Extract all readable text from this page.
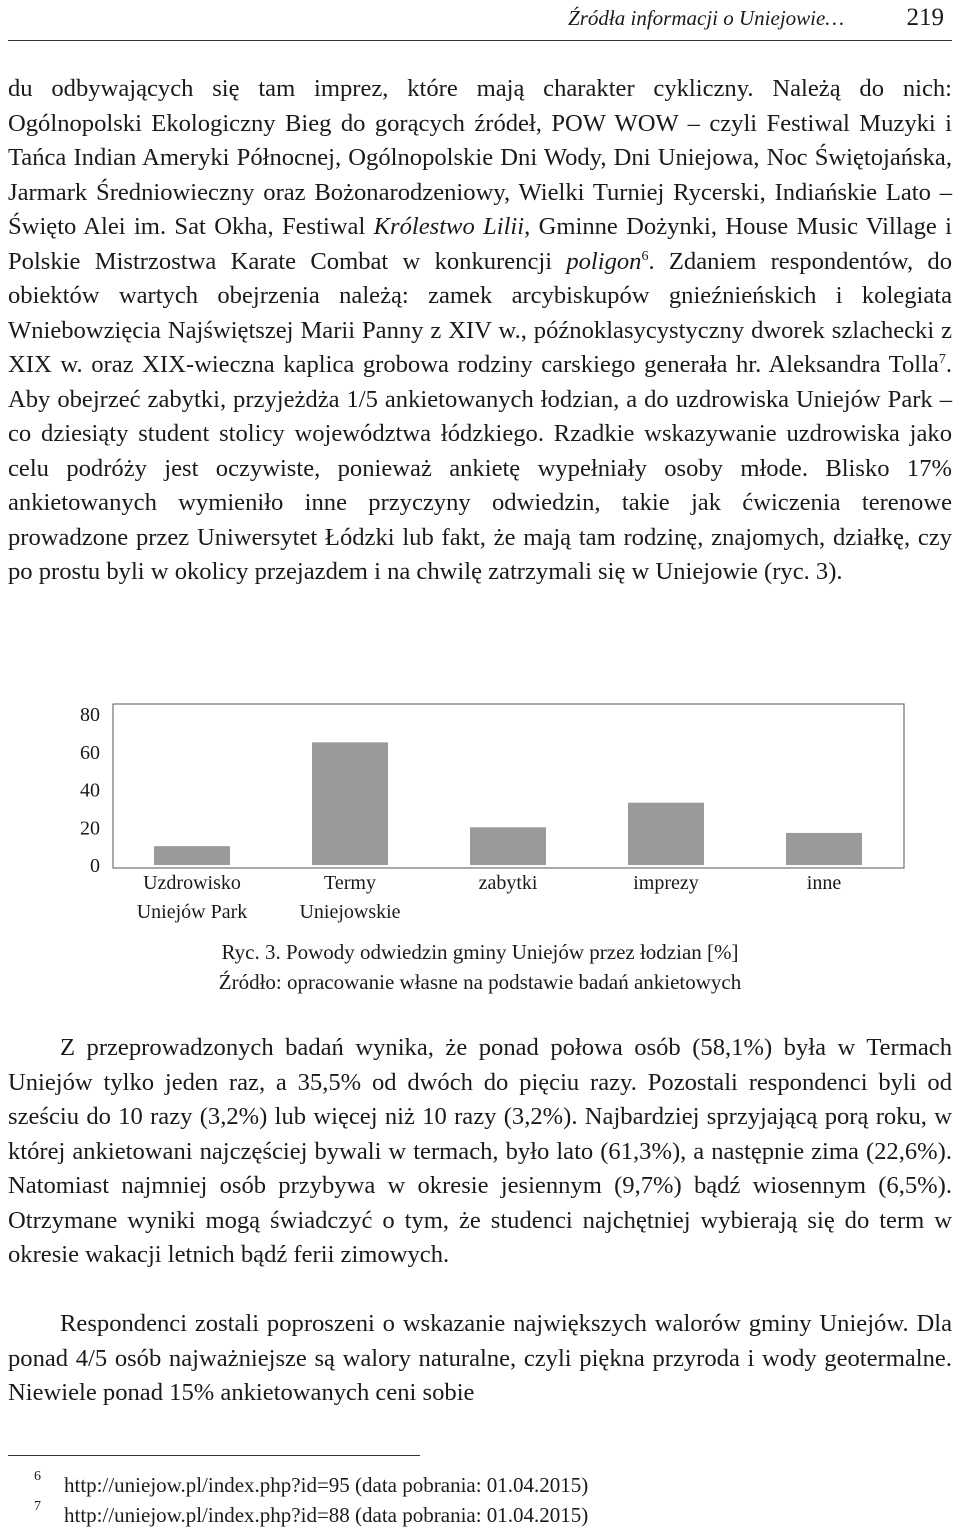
Źródła informacji o Uniejowie…	219

du odbywających się tam imprez, które mają charakter cykliczny. Należą do nich: Ogólnopolski Ekologiczny Bieg do gorących źródeł, POW WOW – czyli Festiwal Muzyki i Tańca Indian Ameryki Północnej, Ogólnopolskie Dni Wody, Dni Uniejowa, Noc Świętojańska, Jarmark Średniowieczny oraz Bożonarodzeniowy, Wielki Turniej Rycerski, Indiańskie Lato – Święto Alei im. Sat Okha, Festiwal Królestwo Lilii, Gminne Dożynki, House Music Village i Polskie Mistrzostwa Karate Combat w konkurencji poligon$^6$. Zdaniem respondentów, do obiektów wartych obejrzenia należą: zamek arcybiskupów gnieźnieńskich i kolegiata Wniebowzięcia Najświętszej Marii Panny z XIV w., późnoklasycystyczny dworek szlachecki z XIX w. oraz XIX-wieczna kaplica grobowa rodziny carskiego generała hr. Aleksandra Tolla$^7$. Aby obejrzeć zabytki, przyjeżdża 1/5 ankietowanych łodzian, a do uzdrowiska Uniejów Park – co dziesiąty student stolicy województwa łódzkiego. Rzadkie wskazywanie uzdrowiska jako celu podróży jest oczywiste, ponieważ ankietę wypełniały osoby młode. Blisko 17% ankietowanych wymieniło inne przyczyny odwiedzin, takie jak ćwiczenia terenowe prowadzone przez Uniwersytet Łódzki lub fakt, że mają tam rodzinę, znajomych, działkę, czy po prostu byli w okolicy przejazdem i na chwilę zatrzymali się w Uniejowie (ryc. 3).

0
20
40
60
80
Uzdrowisko
Uniejów Park
Termy
Uniejowskie
zabytki	imprezy	inne

Ryc. 3. Powody odwiedzin gminy Uniejów przez łodzian [%]

Źródło: opracowanie własne na podstawie badań ankietowych

Z przeprowadzonych badań wynika, że ponad połowa osób (58,1%) była w Termach Uniejów tylko jeden raz, a 35,5% od dwóch do pięciu razy. Pozostali respondenci byli od sześciu do 10 razy (3,2%) lub więcej niż 10 razy (3,2%). Najbardziej sprzyjającą porą roku, w której ankietowani najczęściej bywali w termach, było lato (61,3%), a następnie zima (22,6%). Natomiast najmniej osób przybywa w okresie jesiennym (9,7%) bądź wiosennym (6,5%). Otrzymane wyniki mogą świadczyć o tym, że studenci najchętniej wybierają się do term w okresie wakacji letnich bądź ferii zimowych.

Respondenci zostali poproszeni o wskazanie największych walorów gminy Uniejów. Dla ponad 4/5 osób najważniejsze są walory naturalne, czyli piękna przyroda i wody geotermalne. Niewiele ponad 15% ankietowanych ceni sobie

6 http://uniejow.pl/index.php?id=95 (data pobrania: 01.04.2015)
7 http://uniejow.pl/index.php?id=88 (data pobrania: 01.04.2015)
